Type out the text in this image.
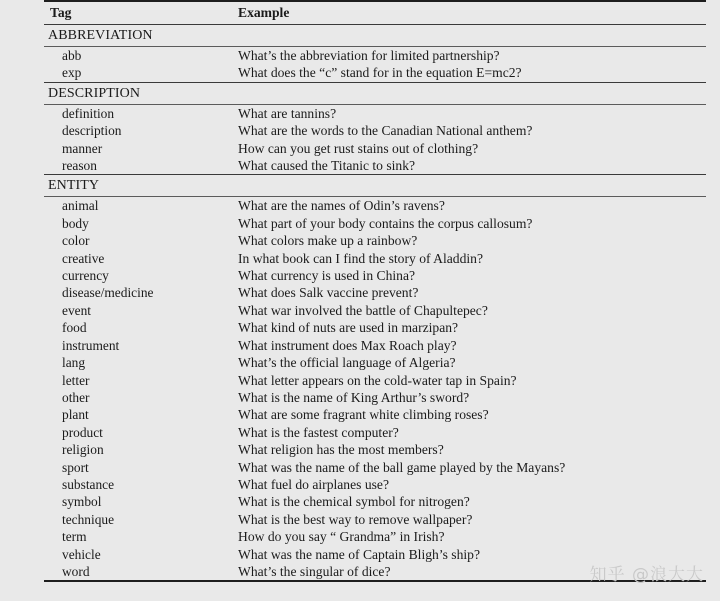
Tag	Example
ABBREVIATION	
abb	What’s the abbreviation for limited partnership?
exp	What does the “c” stand for in the equation E=mc2?
DESCRIPTION	
definition	What are tannins?
description	What are the words to the Canadian National anthem?
manner	How can you get rust stains out of clothing?
reason	What caused the Titanic to sink?
ENTITY	
animal	What are the names of Odin’s ravens?
body	What part of your body contains the corpus callosum?
color	What colors make up a rainbow?
creative	In what book can I find the story of Aladdin?
currency	What currency is used in China?
disease/medicine	What does Salk vaccine prevent?
event	What war involved the battle of Chapultepec?
food	What kind of nuts are used in marzipan?
instrument	What instrument does Max Roach play?
lang	What’s the official language of Algeria?
letter	What letter appears on the cold-water tap in Spain?
other	What is the name of King Arthur’s sword?
plant	What are some fragrant white climbing roses?
product	What is the fastest computer?
religion	What religion has the most members?
sport	What was the name of the ball game played by the Mayans?
substance	What fuel do airplanes use?
symbol	What is the chemical symbol for nitrogen?
technique	What is the best way to remove wallpaper?
term	How do you say “ Grandma” in Irish?
vehicle	What was the name of Captain Bligh’s ship?
word	What’s the singular of dice?	知乎 @浪大大
